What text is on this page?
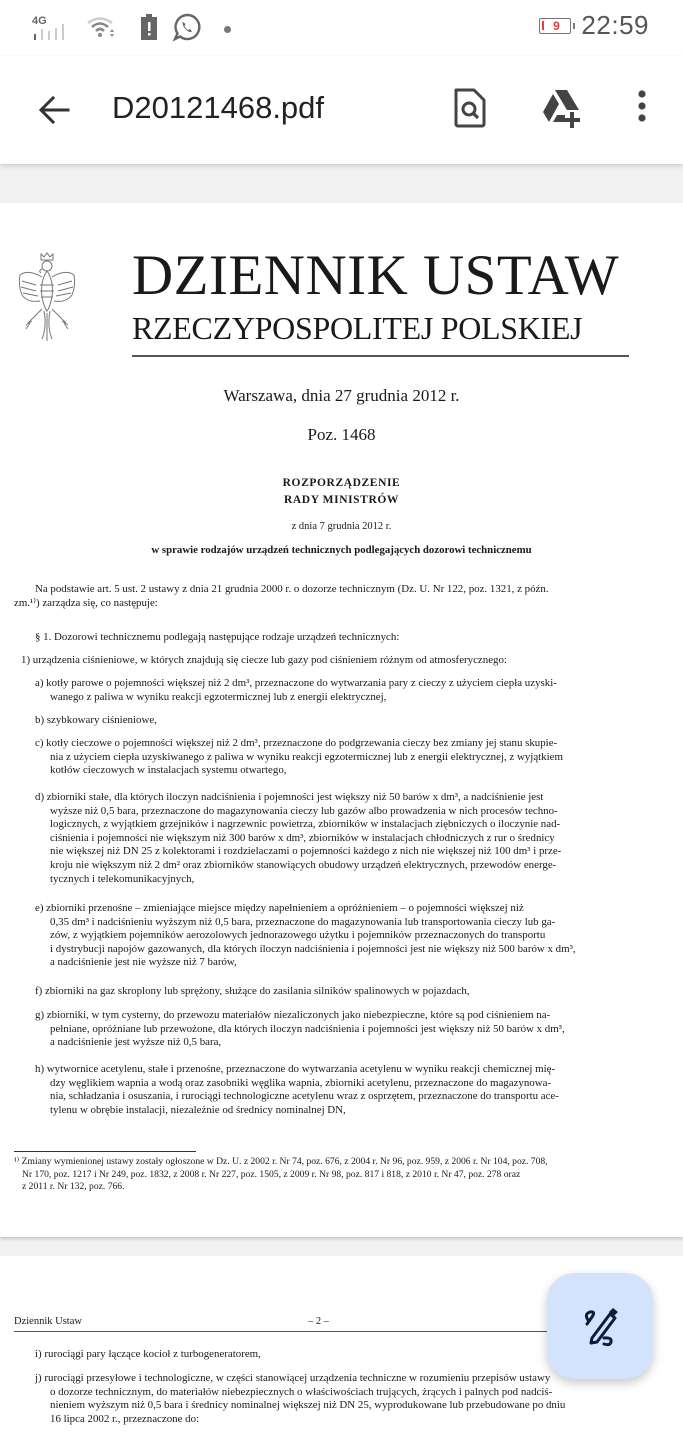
4G	9 22:59
D20121468.pdf
DZIENNIK USTAW
RZECZYPOSPOLITEJ POLSKIEJ
Warszawa, dnia 27 grudnia 2012 r.
Poz. 1468
ROZPORZĄDZENIE
RADY MINISTRÓW
z dnia 7 grudnia 2012 r.
w sprawie rodzajów urządzeń technicznych podlegających dozorowi technicznemu
Na podstawie art. 5 ust. 2 ustawy z dnia 21 grudnia 2000 r. o dozorze technicznym (Dz. U. Nr 122, poz. 1321, z późn.
zm.¹⁾) zarządza się, co następuje:
§ 1. Dozorowi technicznemu podlegają następujące rodzaje urządzeń technicznych:
1) urządzenia ciśnieniowe, w których znajdują się ciecze lub gazy pod ciśnieniem różnym od atmosferycznego:
a) kotły parowe o pojemności większej niż 2 dm³, przeznaczone do wytwarzania pary z cieczy z użyciem ciepła uzyski-
wanego z paliwa w wyniku reakcji egzotermicznej lub z energii elektrycznej,
b) szybkowary ciśnieniowe,
c) kotły cieczowe o pojemności większej niż 2 dm³, przeznaczone do podgrzewania cieczy bez zmiany jej stanu skupie-
nia z użyciem ciepła uzyskiwanego z paliwa w wyniku reakcji egzotermicznej lub z energii elektrycznej, z wyjątkiem
kotłów cieczowych w instalacjach systemu otwartego,
d) zbiorniki stałe, dla których iloczyn nadciśnienia i pojemności jest większy niż 50 barów x dm³, a nadciśnienie jest
wyższe niż 0,5 bara, przeznaczone do magazynowania cieczy lub gazów albo prowadzenia w nich procesów techno-
logicznych, z wyjątkiem grzejników i nagrzewnic powietrza, zbiorników w instalacjach ziębniczych o iloczynie nad-
ciśnienia i pojemności nie większym niż 300 barów x dm³, zbiorników w instalacjach chłodniczych z rur o średnicy
nie większej niż DN 25 z kolektorami i rozdzielaczami o pojemności każdego z nich nie większej niż 100 dm³ i prze-
kroju nie większym niż 2 dm² oraz zbiorników stanowiących obudowy urządzeń elektrycznych, przewodów energe-
tycznych i telekomunikacyjnych,
e) zbiorniki przenośne – zmieniające miejsce między napełnieniem a opróżnieniem – o pojemności większej niż
0,35 dm³ i nadciśnieniu wyższym niż 0,5 bara, przeznaczone do magazynowania lub transportowania cieczy lub ga-
zów, z wyjątkiem pojemników aerozolowych jednorazowego użytku i pojemników przeznaczonych do transportu
i dystrybucji napojów gazowanych, dla których iloczyn nadciśnienia i pojemności jest nie większy niż 500 barów x dm³,
a nadciśnienie jest nie wyższe niż 7 barów,
f) zbiorniki na gaz skroplony lub sprężony, służące do zasilania silników spalinowych w pojazdach,
g) zbiorniki, w tym cysterny, do przewozu materiałów niezaliczonych jako niebezpieczne, które są pod ciśnieniem na-
pełniane, opróżniane lub przewożone, dla których iloczyn nadciśnienia i pojemności jest większy niż 50 barów x dm³,
a nadciśnienie jest wyższe niż 0,5 bara,
h) wytwornice acetylenu, stałe i przenośne, przeznaczone do wytwarzania acetylenu w wyniku reakcji chemicznej mię-
dzy węglikiem wapnia a wodą oraz zasobniki węglika wapnia, zbiorniki acetylenu, przeznaczone do magazynowa-
nia, schładzania i osuszania, i rurociągi technologiczne acetylenu wraz z osprzętem, przeznaczone do transportu ace-
tylenu w obrębie instalacji, niezależnie od średnicy nominalnej DN,
¹⁾ Zmiany wymienionej ustawy zostały ogłoszone w Dz. U. z 2002 r. Nr 74, poz. 676, z 2004 r. Nr 96, poz. 959, z 2006 r. Nr 104, poz. 708,
Nr 170, poz. 1217 i Nr 249, poz. 1832, z 2008 r. Nr 227, poz. 1505, z 2009 r. Nr 98, poz. 817 i 818, z 2010 r. Nr 47, poz. 278 oraz
z 2011 r. Nr 132, poz. 766.
Dziennik Ustaw	– 2 –
i) rurociągi pary łączące kocioł z turbogeneratorem,
j) rurociągi przesyłowe i technologiczne, w części stanowiącej urządzenia techniczne w rozumieniu przepisów ustawy
o dozorze technicznym, do materiałów niebezpiecznych o właściwościach trujących, żrących i palnych pod nadciś-
nieniem wyższym niż 0,5 bara i średnicy nominalnej większej niż DN 25, wyprodukowane lub przebudowane po dniu
16 lipca 2002 r., przeznaczone do:
